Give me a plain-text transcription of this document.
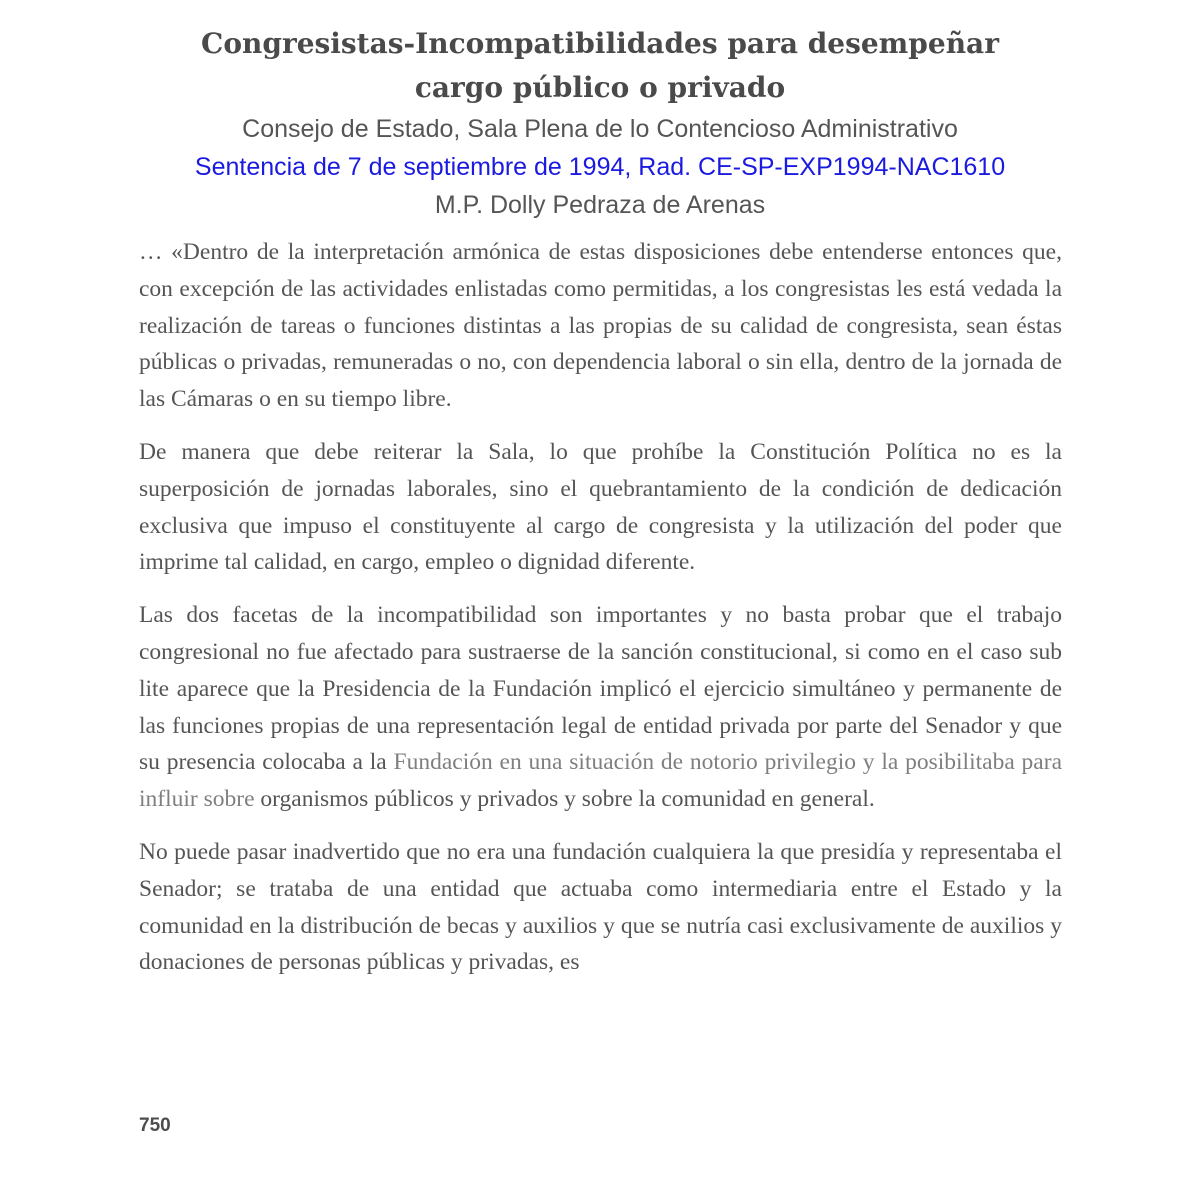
Congresistas-Incompatibilidades para desempeñar
cargo público o privado

Consejo de Estado, Sala Plena de lo Contencioso Administrativo

Sentencia de 7 de septiembre de 1994, Rad. CE-SP-EXP1994-NAC1610

M.P. Dolly Pedraza de Arenas

… «Dentro de la interpretación armónica de estas disposiciones debe entenderse entonces que, con excepción de las actividades enlistadas como permitidas, a los congresistas les está vedada la realización de tareas o funciones distintas a las propias de su calidad de congresista, sean éstas públicas o privadas, remuneradas o no, con dependencia laboral o sin ella, dentro de la jornada de las Cámaras o en su tiempo libre.

De manera que debe reiterar la Sala, lo que prohíbe la Constitución Política no es la superposición de jornadas laborales, sino el quebrantamiento de la condición de dedicación exclusiva que impuso el constituyente al cargo de congresista y la utilización del poder que imprime tal calidad, en cargo, empleo o dignidad diferente.

Las dos facetas de la incompatibilidad son importantes y no basta probar que el trabajo congresional no fue afectado para sustraerse de la sanción constitucional, si como en el caso sub lite aparece que la Presidencia de la Fundación implicó el ejercicio simultáneo y permanente de las funciones propias de una representación legal de entidad privada por parte del Senador y que su presencia colocaba a la Fundación en una situación de notorio privilegio y la posibilitaba para influir sobre organismos públicos y privados y sobre la comunidad en general.

No puede pasar inadvertido que no era una fundación cualquiera la que presidía y representaba el Senador; se trataba de una entidad que actuaba como intermediaria entre el Estado y la comunidad en la distribución de becas y auxilios y que se nutría casi exclusivamente de auxilios y donaciones de personas públicas y privadas, es

750
